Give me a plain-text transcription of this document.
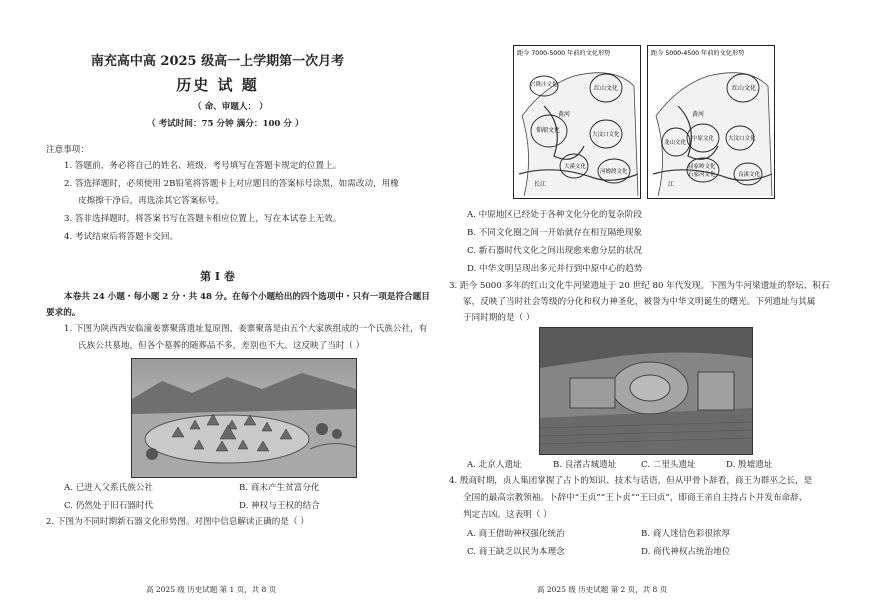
南充高中高 2025 级高一上学期第一次月考
历史 试 题
（ 命、审题人： ）
（ 考试时间：75 分钟 满分：100 分 ）
注意事项：
1. 答题前，务必将自己的姓名、班级、考号填写在答题卡规定的位置上。
2. 答选择题时，必须使用 2B铅笔将答题卡上对应题目的答案标号涂黑，如需改动，用橡
皮擦擦干净后，再选涂其它答案标号。
3. 答非选择题时，将答案书写在答题卡相应位置上，写在本试卷上无效。
4. 考试结束后将答题卡交回。
第 Ⅰ 卷
本卷共 24 小题・每小题 2 分・共 48 分。在每个小题给出的四个选项中・只有一项是符合题目
要求的。
1. 下图为陕西西安临潼姜寨聚落遗址复原图，姜寨聚落是由五个大家族组成的一个氏族公社，有
氏族公共墓地，但各个墓葬的随葬品不多，差别也不大。这反映了当时（ ）
A. 已进入父系氏族公社	B. 商末产生贫富分化
C. 仍然处于旧石器时代	D. 神权与王权的结合
2. 下图为不同时期新石器文化形势图。对图中信息解读正确的是（ ）
高 2025 级 历史试题 第 1 页，共 8 页
距今 7000-5000 年前的文化形势
仰韶文化
红山文化
大汶口文化
大溪文化
河姆渡文化
兴隆洼文化
黄河
长江
距今 5000-4500 年前的文化形势
红山文化
龙山文化
中原文化	大汶口文化
良渚文化
屈家岭文化
石家河文化
黄河
江
A. 中原地区已经处于各种文化分化的复杂阶段
B. 不同文化圈之间一开始就存在相互隔绝现象
C. 新石器时代文化之间出现愈来愈分层的状况
D. 中华文明呈现出多元并行到中原中心的趋势
3. 距今 5000 多年的红山文化牛河梁遗址于 20 世纪 80 年代发现。下图为牛河梁遗址的祭坛、积石
冢，反映了当时社会等级的分化和权力神圣化，被誉为中华文明诞生的曙光。下列遗址与其属
于同时期的是（ ）
A. 北京人遗址	B. 良渚古城遗址	C. 二里头遗址	D. 殷墟遗址
4. 殷商时期，贞人集团掌握了占卜的知识、技术与话语，但从甲骨卜辞看，商王为群巫之长，是
全国的最高宗教领袖。卜辞中“王贞”“王卜贞”“王曰贞”，即商王亲自主持占卜并发布命辞、
判定吉凶。这表明（ ）
A. 商王借助神权强化统治	B. 商人迷信色彩很浓厚
C. 商王缺乏以民为本理念	D. 商代神权占统治地位
高 2025 级 历史试题 第 2 页，共 8 页
